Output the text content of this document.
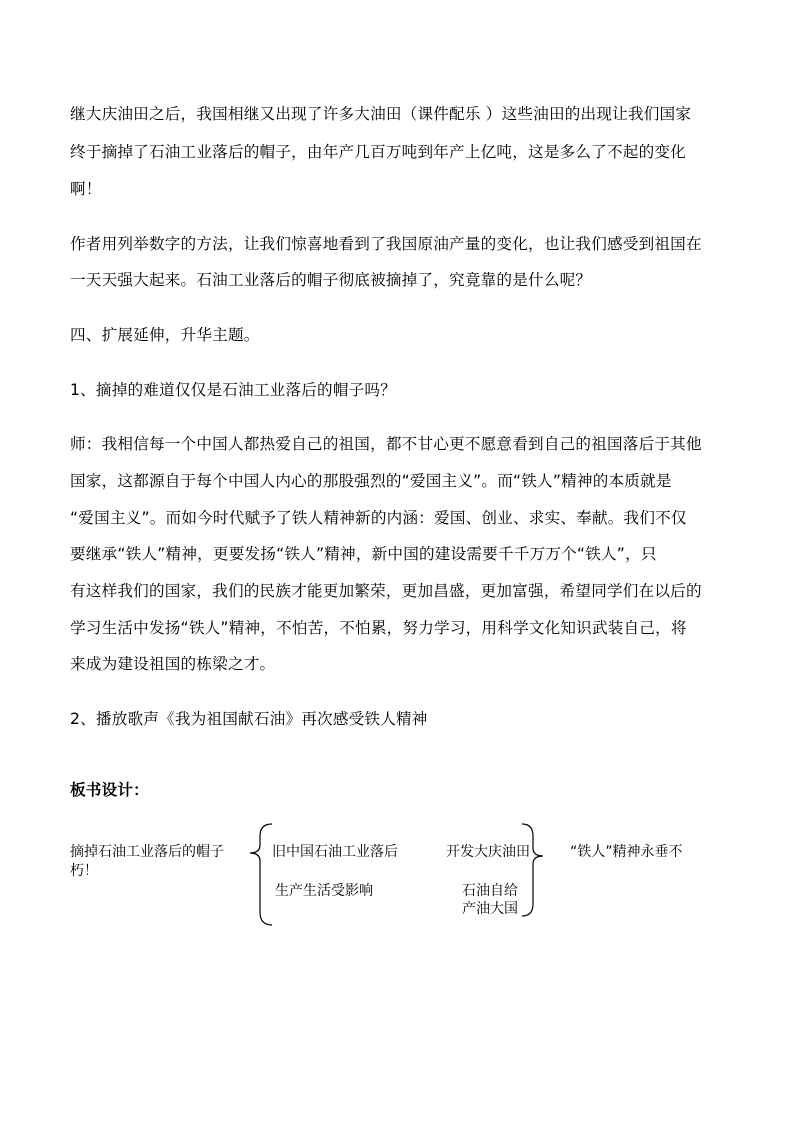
继大庆油田之后，我国相继又出现了许多大油田（课件配乐 ）这些油田的出现让我们国家
终于摘掉了石油工业落后的帽子，由年产几百万吨到年产上亿吨，这是多么了不起的变化
啊！
作者用列举数字的方法，让我们惊喜地看到了我国原油产量的变化，也让我们感受到祖国在
一天天强大起来。石油工业落后的帽子彻底被摘掉了，究竟靠的是什么呢？
四、扩展延伸，升华主题。
1、摘掉的难道仅仅是石油工业落后的帽子吗？
师：我相信每一个中国人都热爱自己的祖国，都不甘心更不愿意看到自己的祖国落后于其他
国家，这都源自于每个中国人内心的那股强烈的“爱国主义”。而“铁人”精神的本质就是
“爱国主义”。而如今时代赋予了铁人精神新的内涵：爱国、创业、求实、奉献。我们不仅
要继承“铁人”精神，更要发扬“铁人”精神，新中国的建设需要千千万万个“铁人”，只
有这样我们的国家，我们的民族才能更加繁荣，更加昌盛，更加富强，希望同学们在以后的
学习生活中发扬“铁人”精神，不怕苦，不怕累，努力学习，用科学文化知识武装自己，将
来成为建设祖国的栋梁之才。
2、播放歌声《我为祖国献石油》再次感受铁人精神
板书设计：
摘掉石油工业落后的帽子
朽！
旧中国石油工业落后
生产生活受影响
开发大庆油田
石油自给
产油大国
“铁人”精神永垂不
